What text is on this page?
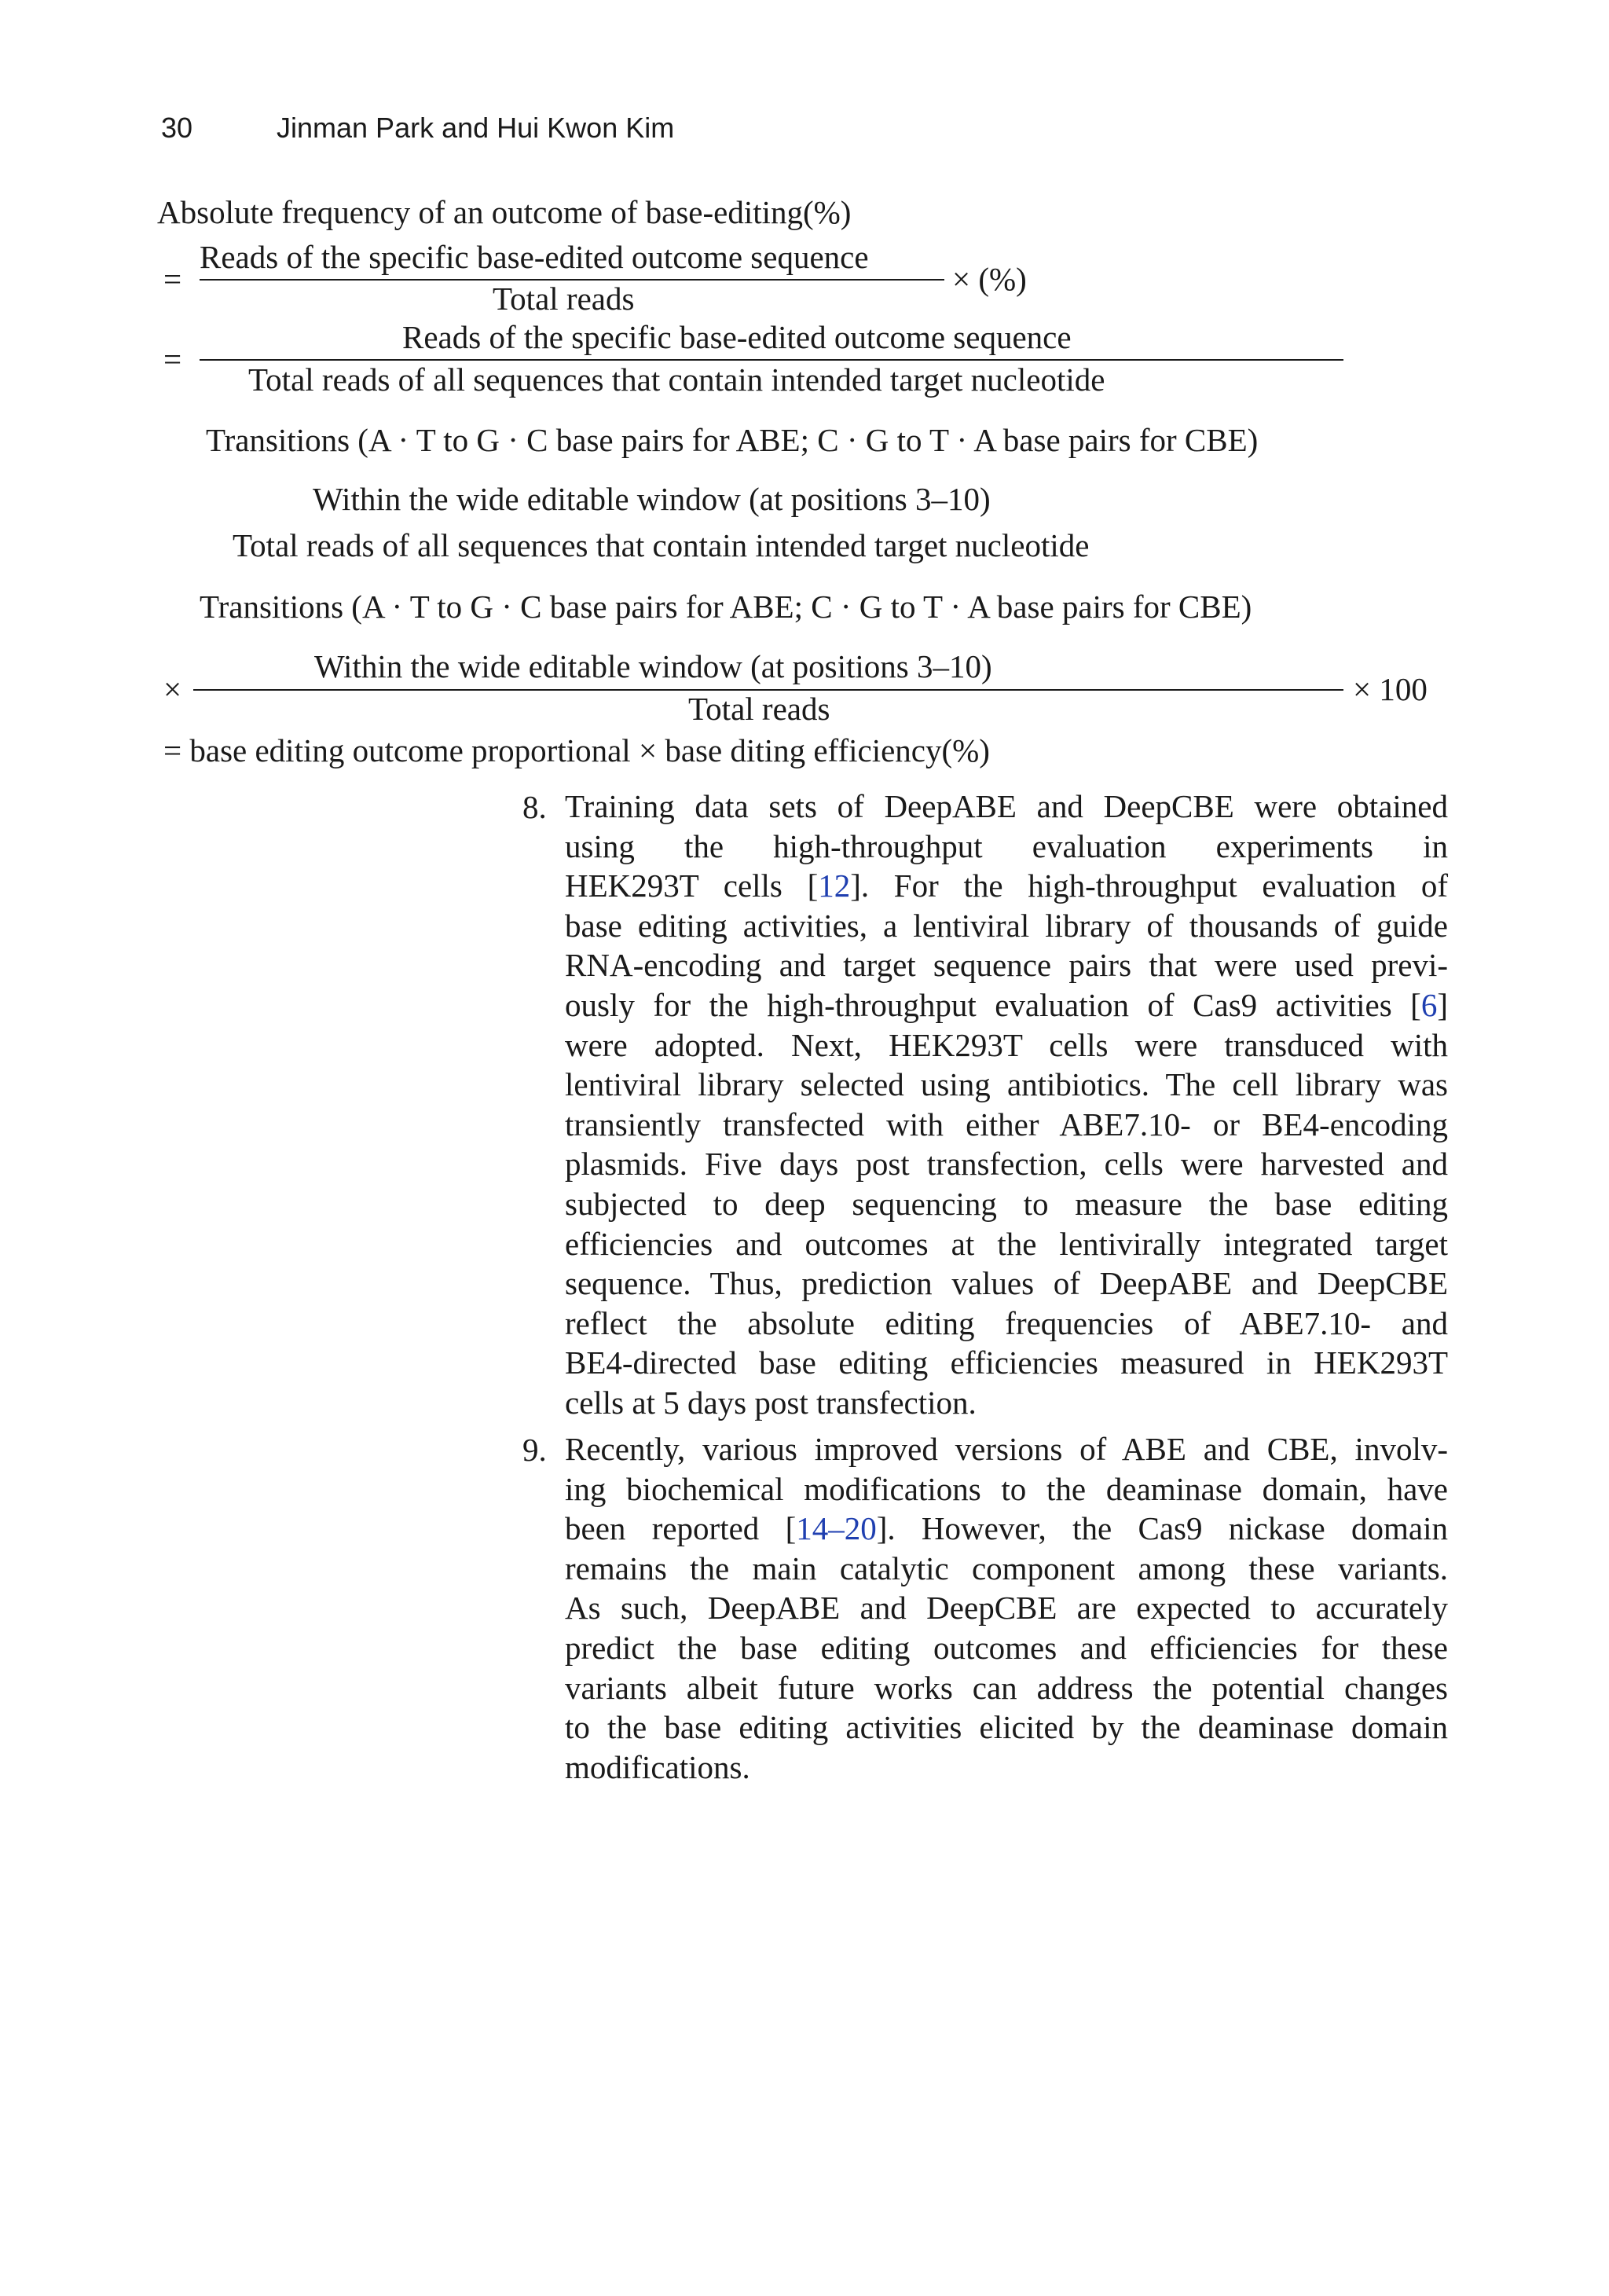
30	Jinman Park and Hui Kwon Kim
Absolute frequency of an outcome of base-editing(%)
=
Reads of the specific base-edited outcome sequence
Total reads
× (%)
=
Reads of the specific base-edited outcome sequence
Total reads of all sequences that contain intended target nucleotide
Transitions (A · T to G · C base pairs for ABE; C · G to T · A base pairs for CBE)
Within the wide editable window (at positions 3–10)
Total reads of all sequences that contain intended target nucleotide
Transitions (A · T to G · C base pairs for ABE; C · G to T · A base pairs for CBE)
×
Within the wide editable window (at positions 3–10)
Total reads
× 100
= base editing outcome proportional × base diting efficiency(%)
8. Training data sets of DeepABE and DeepCBE were obtained
using the high-throughput evaluation experiments in
HEK293T cells [12]. For the high-throughput evaluation of
base editing activities, a lentiviral library of thousands of guide
RNA-encoding and target sequence pairs that were used previ-
ously for the high-throughput evaluation of Cas9 activities [6]
were adopted. Next, HEK293T cells were transduced with
lentiviral library selected using antibiotics. The cell library was
transiently transfected with either ABE7.10- or BE4-encoding
plasmids. Five days post transfection, cells were harvested and
subjected to deep sequencing to measure the base editing
efficiencies and outcomes at the lentivirally integrated target
sequence. Thus, prediction values of DeepABE and DeepCBE
reflect the absolute editing frequencies of ABE7.10- and
BE4-directed base editing efficiencies measured in HEK293T
cells at 5 days post transfection.
9. Recently, various improved versions of ABE and CBE, involv-
ing biochemical modifications to the deaminase domain, have
been reported [14–20]. However, the Cas9 nickase domain
remains the main catalytic component among these variants.
As such, DeepABE and DeepCBE are expected to accurately
predict the base editing outcomes and efficiencies for these
variants albeit future works can address the potential changes
to the base editing activities elicited by the deaminase domain
modifications.
